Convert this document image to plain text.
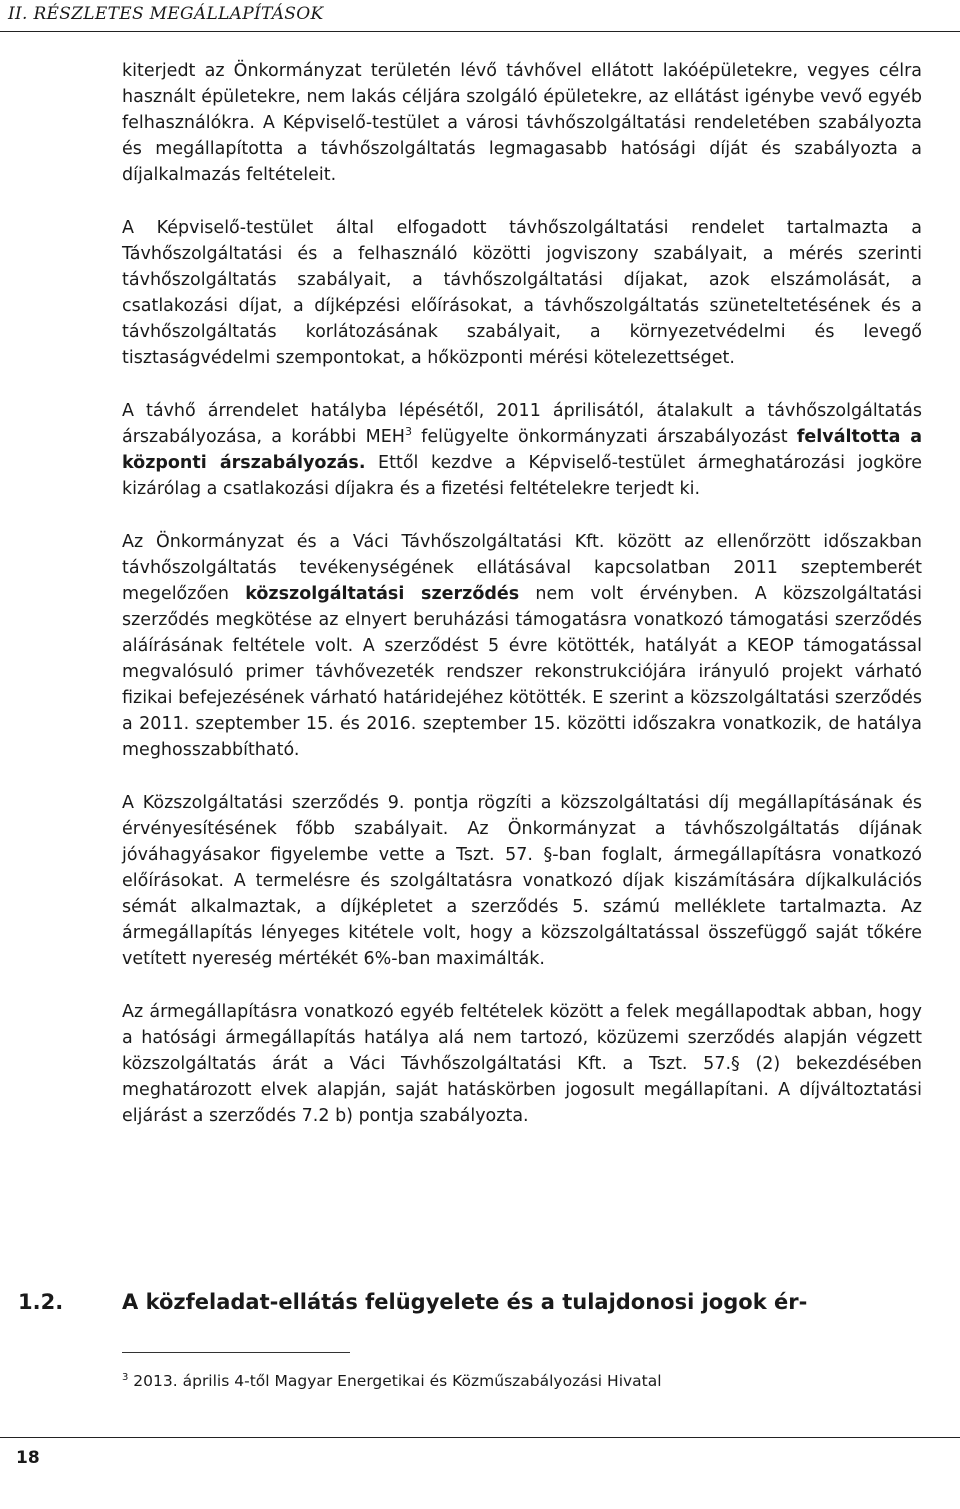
II. RÉSZLETES MEGÁLLAPÍTÁSOK

kiterjedt az Önkormányzat területén lévő távhővel ellátott lakóépületekre, vegyes célra használt épületekre, nem lakás céljára szolgáló épületekre, az ellátást igénybe vevő egyéb felhasználókra. A Képviselő-testület a városi távhőszolgáltatási rendeletében szabályozta és megállapította a távhőszolgáltatás legmagasabb hatósági díját és szabályozta a díjalkalmazás feltételeit.

A Képviselő-testület által elfogadott távhőszolgáltatási rendelet tartalmazta a Távhőszolgáltatási és a felhasználó közötti jogviszony szabályait, a mérés szerinti távhőszolgáltatás szabályait, a távhőszolgáltatási díjakat, azok elszámolását, a csatlakozási díjat, a díjképzési előírásokat, a távhőszolgáltatás szüneteltetésének és a távhőszolgáltatás korlátozásának szabályait, a környezetvédelmi és levegő tisztaságvédelmi szempontokat, a hőközponti mérési kötelezettséget.

A távhő árrendelet hatályba lépésétől, 2011 áprilisától, átalakult a távhőszolgáltatás árszabályozása, a korábbi MEH$^3$ felügyelte önkormányzati árszabályozást felváltotta a központi árszabályozás. Ettől kezdve a Képviselő-testület ármeghatározási jogköre kizárólag a csatlakozási díjakra és a fizetési feltételekre terjedt ki.

Az Önkormányzat és a Váci Távhőszolgáltatási Kft. között az ellenőrzött időszakban távhőszolgáltatás tevékenységének ellátásával kapcsolatban 2011 szeptemberét megelőzően közszolgáltatási szerződés nem volt érvényben. A közszolgáltatási szerződés megkötése az elnyert beruházási támogatásra vonatkozó támogatási szerződés aláírásának feltétele volt. A szerződést 5 évre kötötték, hatályát a KEOP támogatással megvalósuló primer távhővezeték rendszer rekonstrukciójára irányuló projekt várható fizikai befejezésének várható határidejéhez kötötték. E szerint a közszolgáltatási szerződés a 2011. szeptember 15. és 2016. szeptember 15. közötti időszakra vonatkozik, de hatálya meghosszabbítható.

A Közszolgáltatási szerződés 9. pontja rögzíti a közszolgáltatási díj megállapításának és érvényesítésének főbb szabályait. Az Önkormányzat a távhőszolgáltatás díjának jóváhagyásakor figyelembe vette a Tszt. 57. §-ban foglalt, ármegállapításra vonatkozó előírásokat. A termelésre és szolgáltatásra vonatkozó díjak kiszámítására díjkalkulációs sémát alkalmaztak, a díjképletet a szerződés 5. számú melléklete tartalmazta. Az ármegállapítás lényeges kitétele volt, hogy a közszolgáltatással összefüggő saját tőkére vetített nyereség mértékét 6%-ban maximálták.

Az ármegállapításra vonatkozó egyéb feltételek között a felek megállapodtak abban, hogy a hatósági ármegállapítás hatálya alá nem tartozó, közüzemi szerződés alapján végzett közszolgáltatás árát a Váci Távhőszolgáltatási Kft. a Tszt. 57.§ (2) bekezdésében meghatározott elvek alapján, saját hatáskörben jogosult megállapítani. A díjváltoztatási eljárást a szerződés 7.2 b) pontja szabályozta.

1.2.	A közfeladat-ellátás felügyelete és a tulajdonosi jogok ér-
$^3$ 2013. április 4-től Magyar Energetikai és Közműszabályozási Hivatal
18
